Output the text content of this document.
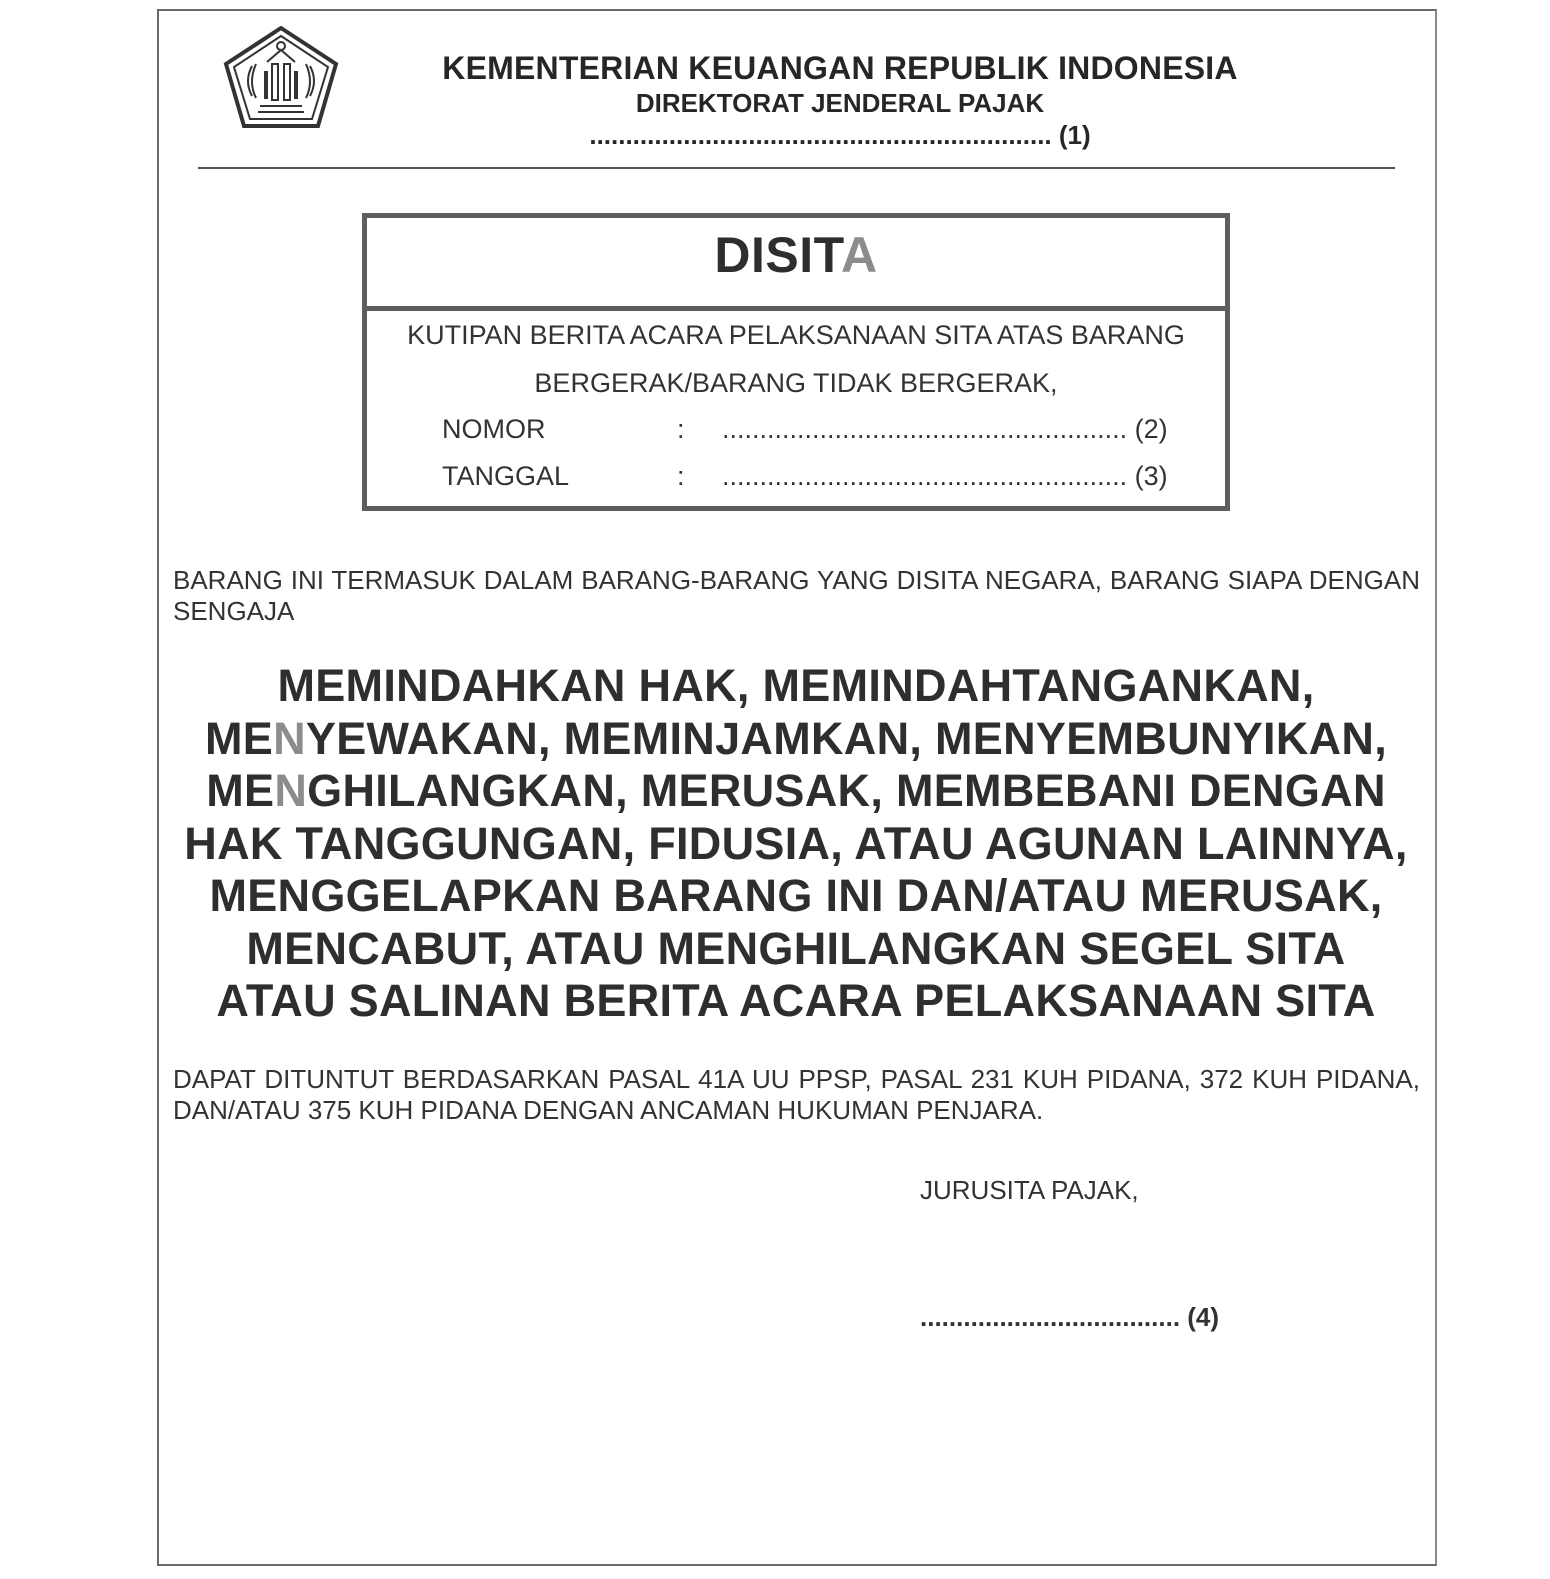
KEMENTERIAN KEUANGAN REPUBLIK INDONESIA
DIREKTORAT JENDERAL PAJAK
................................................................ (1)
DISITA
KUTIPAN BERITA ACARA PELAKSANAAN SITA ATAS BARANG
BERGERAK/BARANG TIDAK BERGERAK,
NOMOR	: ...................................................... (2)
TANGGAL	: ...................................................... (3)
BARANG INI TERMASUK DALAM BARANG-BARANG YANG DISITA NEGARA, BARANG SIAPA DENGAN SENGAJA
MEMINDAHKAN HAK, MEMINDAHTANGANKAN,
MENYEWAKAN, MEMINJAMKAN, MENYEMBUNYIKAN,
MENGHILANGKAN, MERUSAK, MEMBEBANI DENGAN
HAK TANGGUNGAN, FIDUSIA, ATAU AGUNAN LAINNYA,
MENGGELAPKAN BARANG INI DAN/ATAU MERUSAK,
MENCABUT, ATAU MENGHILANGKAN SEGEL SITA
ATAU SALINAN BERITA ACARA PELAKSANAAN SITA
DAPAT DITUNTUT BERDASARKAN PASAL 41A UU PPSP, PASAL 231 KUH PIDANA, 372 KUH PIDANA, DAN/ATAU 375 KUH PIDANA DENGAN ANCAMAN HUKUMAN PENJARA.
JURUSITA PAJAK,
.................................... (4)
